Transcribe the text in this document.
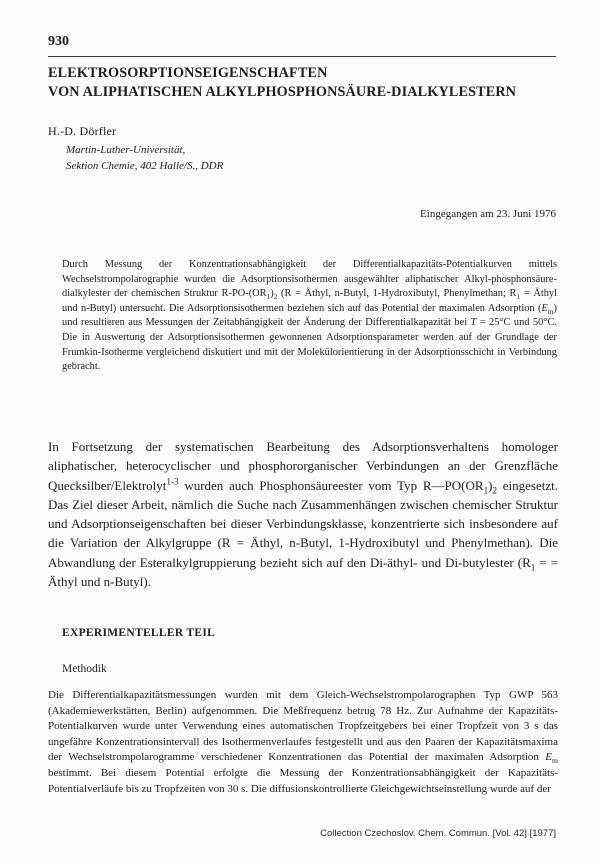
930
ELEKTROSORPTIONSEIGENSCHAFTEN
VON ALIPHATISCHEN ALKYLPHOSPHONSÄURE-DIALKYLESTERN
H.-D. Dörfler
Martin-Luther-Universität,
Sektion Chemie, 402 Halle/S., DDR
Eingegangen am 23. Juni 1976

Durch Messung der Konzentrationsabhängigkeit der Differentialkapazitäts-Potentialkurven mittels Wechselstrompolarographie wurden die Adsorptionsisothermen ausgewählter aliphatischer Alkyl-phosphonsäure-dialkylester der chemischen Struktur $R-PO-(OR_1)_2$ (R = Äthyl, n-Butyl, 1-Hydroxibutyl, Phenylmethan; $R_1$ = Äthyl und n-Butyl) untersucht. Die Adsorptionsisothermen beziehen sich auf das Potential der maximalen Adsorption $(E_m)$ und resultieren aus Messungen der Zeitabhängigkeit der Änderung der Differentialkapazität bei T = 25°C und 50°C. Die in Auswertung der Adsorptionsisothermen gewonnenen Adsorptionsparameter werden auf der Grundlage der Frumkin-Isotherme vergleichend diskutiert und mit der Molekülorientierung in der Adsorptionsschicht in Verbindung gebracht.

In Fortsetzung der systematischen Bearbeitung des Adsorptionsverhaltens homologer aliphatischer, heterocyclischer und phosphororganischer Verbindungen an der Grenzfläche Quecksilber/Elektrolyt$^{1-3}$ wurden auch Phosphonsäureester vom Typ $R—PO(OR_1)_2$ eingesetzt. Das Ziel dieser Arbeit, nämlich die Suche nach Zusammenhängen zwischen chemischer Struktur und Adsorptionseigenschaften bei dieser Verbindungsklasse, konzentrierte sich insbesondere auf die Variation der Alkylgruppe (R = Äthyl, n-Butyl, 1-Hydroxibutyl und Phenylmethan). Die Abwandlung der Esteralkylgruppierung bezieht sich auf den Di-äthyl- und Di-butylester ($R_1$ = = Äthyl und n-Butyl).

EXPERIMENTELLER TEIL
Methodik

Die Differentialkapazitätsmessungen wurden mit dem Gleich-Wechselstrompolarographen Typ GWP 563 (Akademiewerkstätten, Berlin) aufgenommen. Die Meßfrequenz betrug 78 Hz. Zur Aufnahme der Kapazitäts-Potentialkurven wurde unter Verwendung eines automatischen Tropfzeitgebers bei einer Tropfzeit von 3 s das ungefähre Konzentrationsintervall des Isothermenverlaufes festgestellt und aus den Paaren der Kapazitätsmaxima der Wechselstrompolarogramme verschiedener Konzentrationen das Potential der maximalen Adsorption $E_m$ bestimmt. Bei diesem Potential erfolgte die Messung der Konzentrationsabhängigkeit der Kapazitäts-Potentialverläufe bis zu Tropfzeiten von 30 s. Die diffusionskontrollierte Gleichgewichtseinstellung wurde auf der

Collection Czechoslov. Chem. Commun. [Vol. 42] [1977]
